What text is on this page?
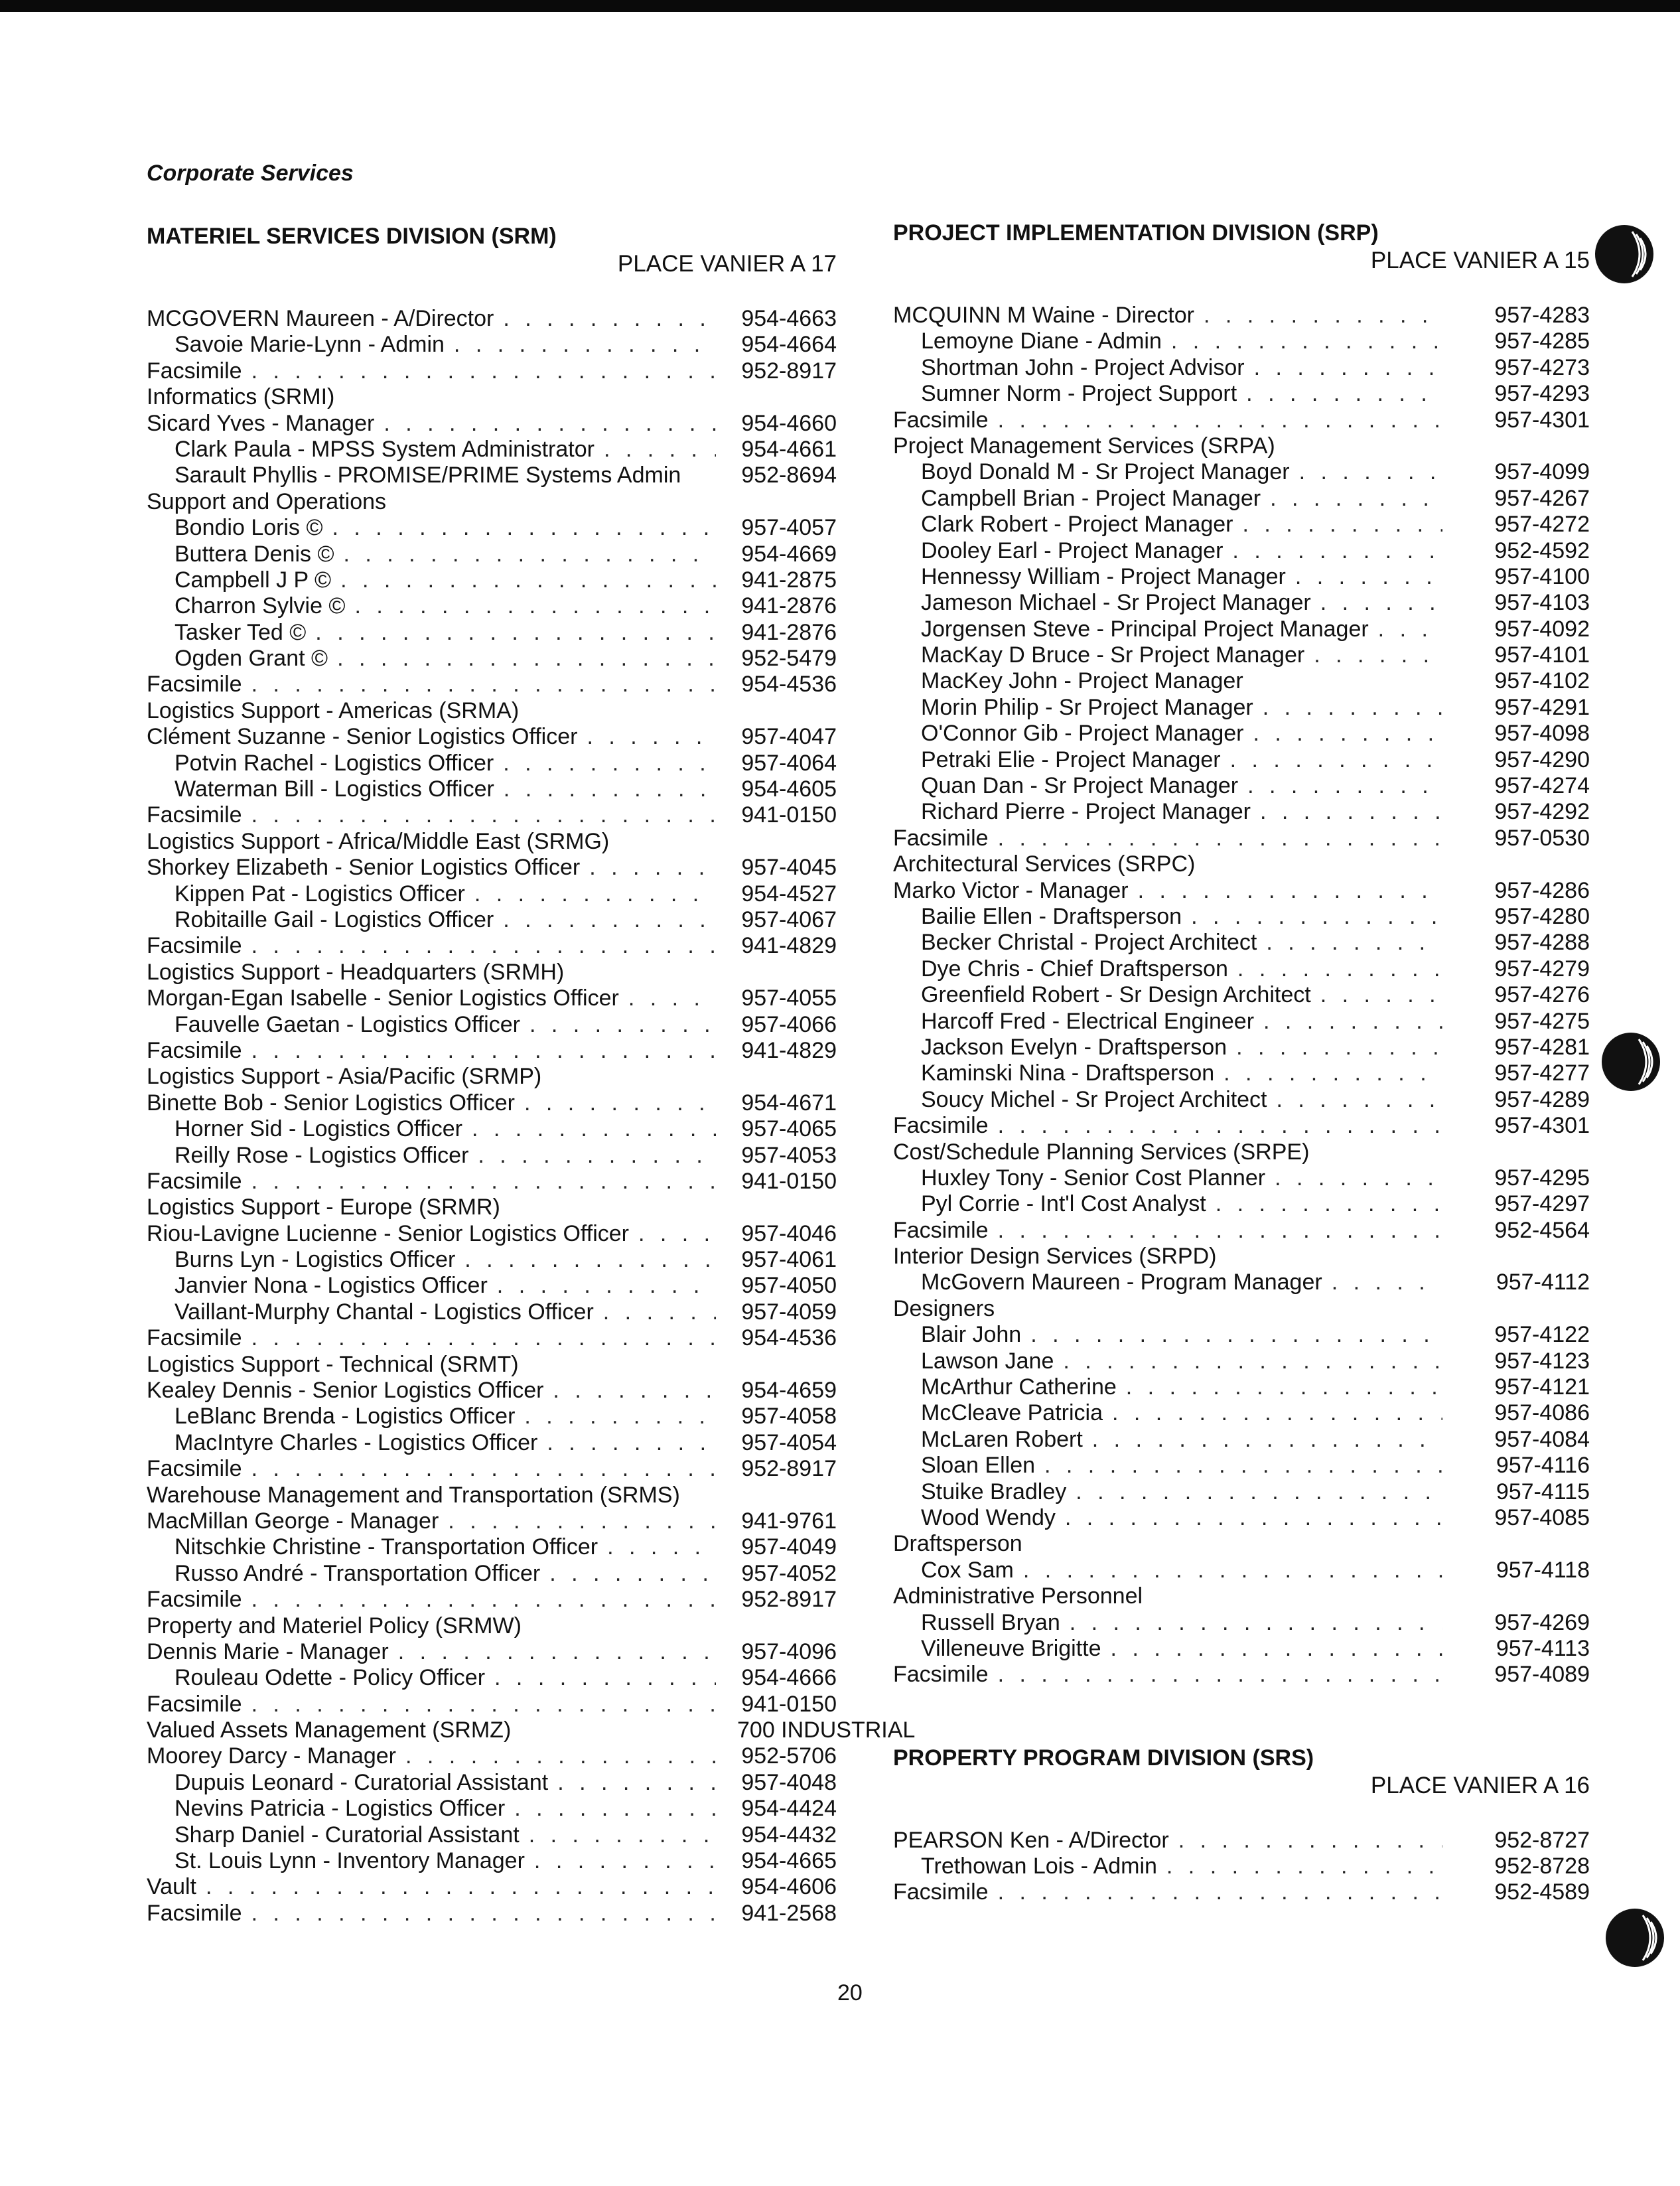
Corporate Services
MATERIEL SERVICES DIVISION (SRM)
PLACE VANIER A 17
MCGOVERN Maureen - A/Director . . .	954-4663
Savoie Marie-Lynn - Admin . . .	954-4664
Facsimile . . .	952-8917
Informatics (SRMI)
Sicard Yves - Manager . . .	954-4660
Clark Paula - MPSS System Administrator . . .	954-4661
Sarault Phyllis - PROMISE/PRIME Systems Admin	952-8694
Support and Operations
Bondio Loris © . . .	957-4057
Buttera Denis © . . .	954-4669
Campbell J P © . . .	941-2875
Charron Sylvie © . . .	941-2876
Tasker Ted © . . .	941-2876
Ogden Grant © . . .	952-5479
Facsimile . . .	954-4536
Logistics Support - Americas (SRMA)
Clément Suzanne - Senior Logistics Officer . . .	957-4047
Potvin Rachel - Logistics Officer . . .	957-4064
Waterman Bill - Logistics Officer . . .	954-4605
Facsimile . . .	941-0150
Logistics Support - Africa/Middle East (SRMG)
Shorkey Elizabeth - Senior Logistics Officer . . .	957-4045
Kippen Pat - Logistics Officer . . .	954-4527
Robitaille Gail - Logistics Officer . . .	957-4067
Facsimile . . .	941-4829
Logistics Support - Headquarters (SRMH)
Morgan-Egan Isabelle - Senior Logistics Officer . . .	957-4055
Fauvelle Gaetan - Logistics Officer . . .	957-4066
Facsimile . . .	941-4829
Logistics Support - Asia/Pacific (SRMP)
Binette Bob - Senior Logistics Officer . . .	954-4671
Horner Sid - Logistics Officer . . .	957-4065
Reilly Rose - Logistics Officer . . .	957-4053
Facsimile . . .	941-0150
Logistics Support - Europe (SRMR)
Riou-Lavigne Lucienne - Senior Logistics Officer . . .	957-4046
Burns Lyn - Logistics Officer . . .	957-4061
Janvier Nona - Logistics Officer . . .	957-4050
Vaillant-Murphy Chantal - Logistics Officer . . .	957-4059
Facsimile . . .	954-4536
Logistics Support - Technical (SRMT)
Kealey Dennis - Senior Logistics Officer . . .	954-4659
LeBlanc Brenda - Logistics Officer . . .	957-4058
MacIntyre Charles - Logistics Officer . . .	957-4054
Facsimile . . .	952-8917
Warehouse Management and Transportation (SRMS)
MacMillan George - Manager . . .	941-9761
Nitschkie Christine - Transportation Officer . . .	957-4049
Russo André - Transportation Officer . . .	957-4052
Facsimile . . .	952-8917
Property and Materiel Policy (SRMW)
Dennis Marie - Manager . . .	957-4096
Rouleau Odette - Policy Officer . . .	954-4666
Facsimile . . .	941-0150
Valued Assets Management (SRMZ)	700 INDUSTRIAL
Moorey Darcy - Manager . . .	952-5706
Dupuis Leonard - Curatorial Assistant . . .	957-4048
Nevins Patricia - Logistics Officer . . .	954-4424
Sharp Daniel - Curatorial Assistant . . .	954-4432
St. Louis Lynn - Inventory Manager . . .	954-4665
Vault . . .	954-4606
Facsimile . . .	941-2568
PROJECT IMPLEMENTATION DIVISION (SRP)
PLACE VANIER A 15
MCQUINN M Waine - Director . . .	957-4283
Lemoyne Diane - Admin . . .	957-4285
Shortman John - Project Advisor . . .	957-4273
Sumner Norm - Project Support . . .	957-4293
Facsimile . . .	957-4301
Project Management Services (SRPA)
Boyd Donald M - Sr Project Manager . . .	957-4099
Campbell Brian - Project Manager . . .	957-4267
Clark Robert - Project Manager . . .	957-4272
Dooley Earl - Project Manager . . .	952-4592
Hennessy William - Project Manager . . .	957-4100
Jameson Michael - Sr Project Manager . . .	957-4103
Jorgensen Steve - Principal Project Manager . . .	957-4092
MacKay D Bruce - Sr Project Manager . . .	957-4101
MacKey John - Project Manager	957-4102
Morin Philip - Sr Project Manager . . .	957-4291
O'Connor Gib - Project Manager . . .	957-4098
Petraki Elie - Project Manager . . .	957-4290
Quan Dan - Sr Project Manager . . .	957-4274
Richard Pierre - Project Manager . . .	957-4292
Facsimile . . .	957-0530
Architectural Services (SRPC)
Marko Victor - Manager . . .	957-4286
Bailie Ellen - Draftsperson . . .	957-4280
Becker Christal - Project Architect . . .	957-4288
Dye Chris - Chief Draftsperson . . .	957-4279
Greenfield Robert - Sr Design Architect . . .	957-4276
Harcoff Fred - Electrical Engineer . . .	957-4275
Jackson Evelyn - Draftsperson . . .	957-4281
Kaminski Nina - Draftsperson . . .	957-4277
Soucy Michel - Sr Project Architect . . .	957-4289
Facsimile . . .	957-4301
Cost/Schedule Planning Services (SRPE)
Huxley Tony - Senior Cost Planner . . .	957-4295
Pyl Corrie - Int'l Cost Analyst . . .	957-4297
Facsimile . . .	952-4564
Interior Design Services (SRPD)
McGovern Maureen - Program Manager . . .	957-4112
Designers
Blair John . . .	957-4122
Lawson Jane . . .	957-4123
McArthur Catherine . . .	957-4121
McCleave Patricia . . .	957-4086
McLaren Robert . . .	957-4084
Sloan Ellen . . .	957-4116
Stuike Bradley . . .	957-4115
Wood Wendy . . .	957-4085
Draftsperson
Cox Sam . . .	957-4118
Administrative Personnel
Russell Bryan . . .	957-4269
Villeneuve Brigitte . . .	957-4113
Facsimile . . .	957-4089
PROPERTY PROGRAM DIVISION (SRS)
PLACE VANIER A 16
PEARSON Ken - A/Director . . .	952-8727
Trethowan Lois - Admin . . .	952-8728
Facsimile . . .	952-4589
20
